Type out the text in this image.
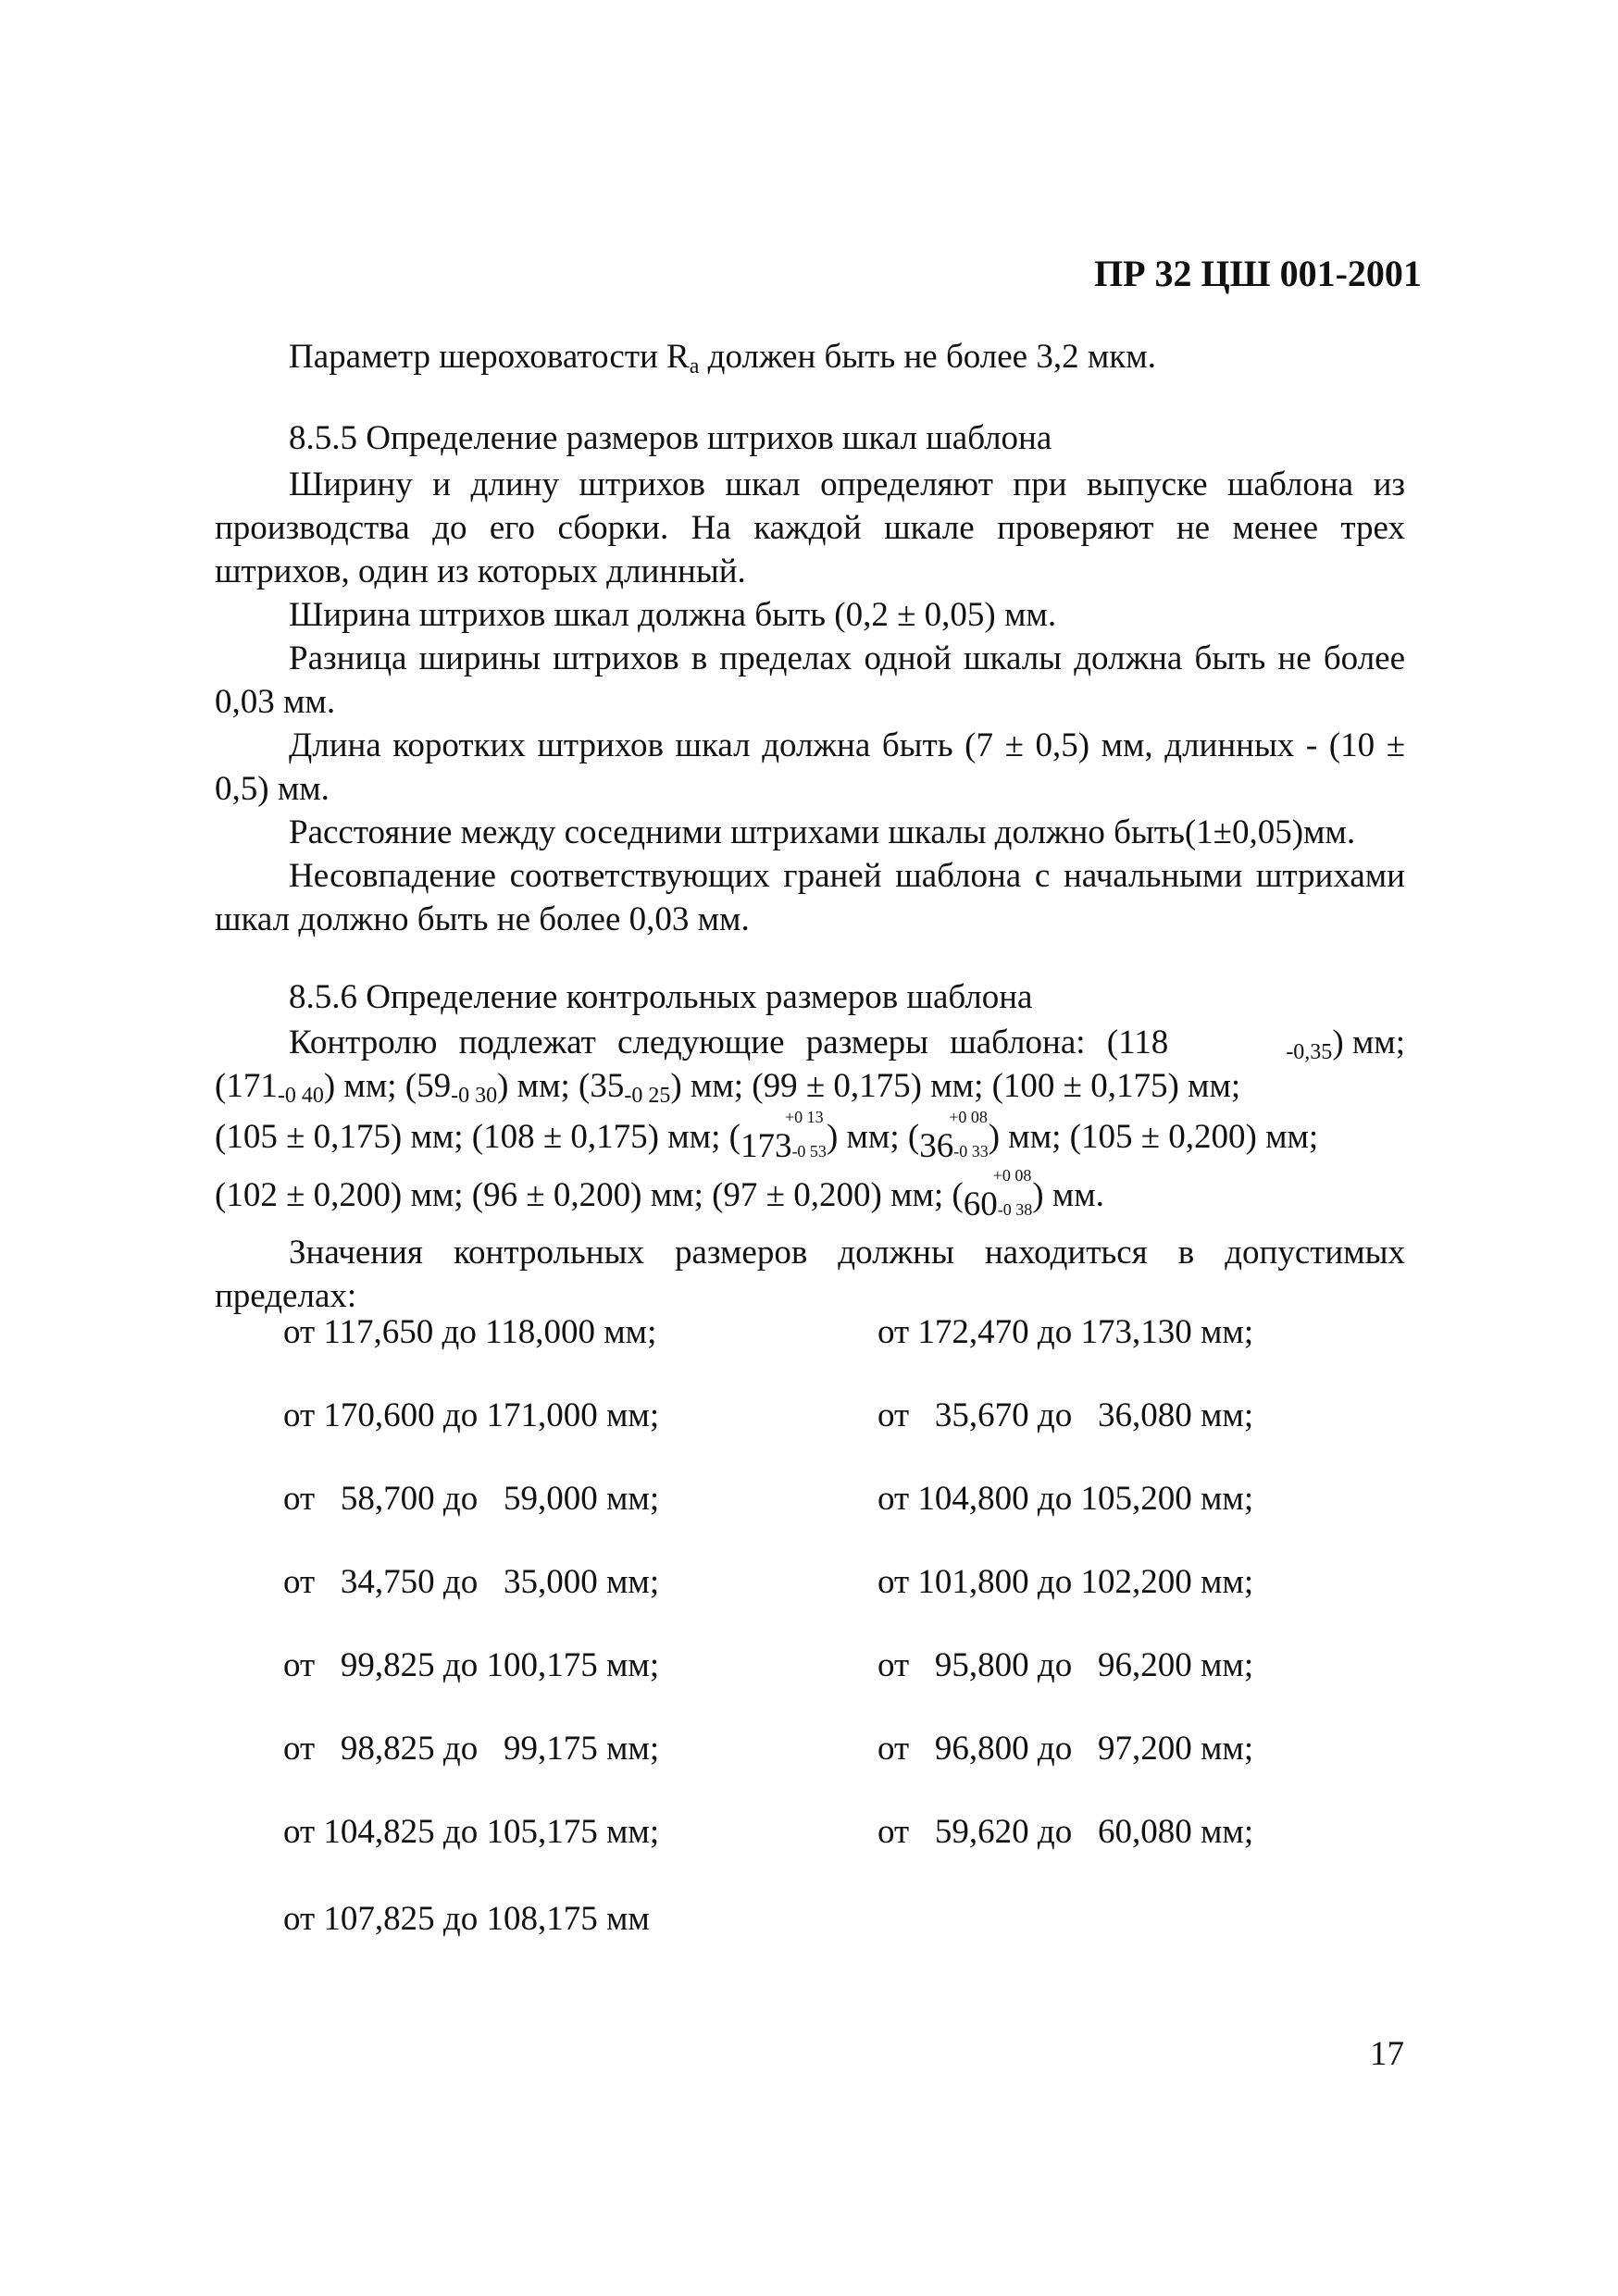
ПР 32 ЦШ 001-2001
Параметр шероховатости $R_a$ должен быть не более 3,2 мкм.
8.5.5 Определение размеров штрихов шкал шаблона
Ширину и длину штрихов шкал определяют при выпуске шаблона из производства до его сборки. На каждой шкале проверяют не менее трех штрихов, один из которых длинный.
Ширина штрихов шкал должна быть (0,2 ± 0,05) мм.
Разница ширины штрихов в пределах одной шкалы должна быть не более 0,03 мм.
Длина коротких штрихов шкал должна быть (7 ± 0,5) мм, длинных - (10 ± 0,5) мм.
Расстояние между соседними штрихами шкалы должно быть(1±0,05)мм.
Несовпадение соответствующих граней шаблона с начальными штрихами шкал должно быть не более 0,03 мм.
8.5.6 Определение контрольных размеров шаблона
Контролю подлежат следующие размеры шаблона: (118	$_{-0,35}$) мм;
$(171_{-0 40})$ мм; $(59_{-0 30})$ мм; $(35_{-0 25})$ мм; (99 ± 0,175) мм; (100 ± 0,175) мм;
(105 ± 0,175) мм; (108 ± 0,175) мм; (173
+0 13
-0 53) мм; (36
+0 08
-0 33) мм; (105 ± 0,200) мм;
(102 ± 0,200) мм; (96 ± 0,200) мм; (97 ± 0,200) мм; (60
+0 08
-0 38) мм.
Значения контрольных размеров должны находиться в допустимых пределах:
от 117,650 до 118,000 мм;
от 170,600 до 171,000 мм;
от   58,700 до   59,000 мм;
от   34,750 до   35,000 мм;
от   99,825 до 100,175 мм;
от   98,825 до   99,175 мм;
от 104,825 до 105,175 мм;
от 107,825 до 108,175 мм
от 172,470 до 173,130 мм;
от   35,670 до   36,080 мм;
от 104,800 до 105,200 мм;
от 101,800 до 102,200 мм;
от   95,800 до   96,200 мм;
от   96,800 до   97,200 мм;
от   59,620 до   60,080 мм;
17
